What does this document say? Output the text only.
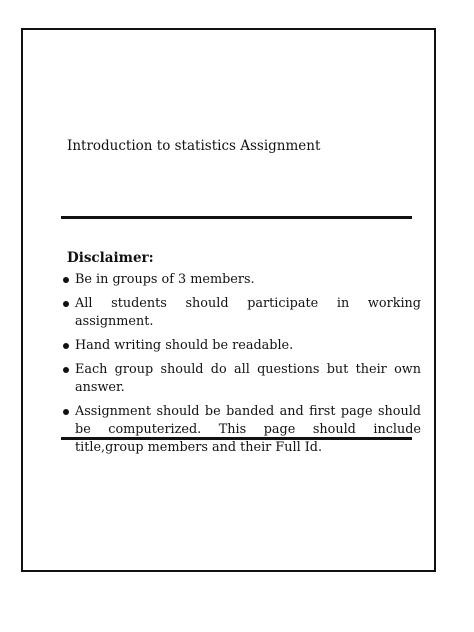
Introduction to statistics Assignment
Disclaimer:
Be in groups of 3 members.
All students should participate in working assignment.
Hand writing should be readable.
Each group should do all questions but their own answer.
Assignment should be banded and first page should be computerized. This page should include title,group members and their Full Id.
